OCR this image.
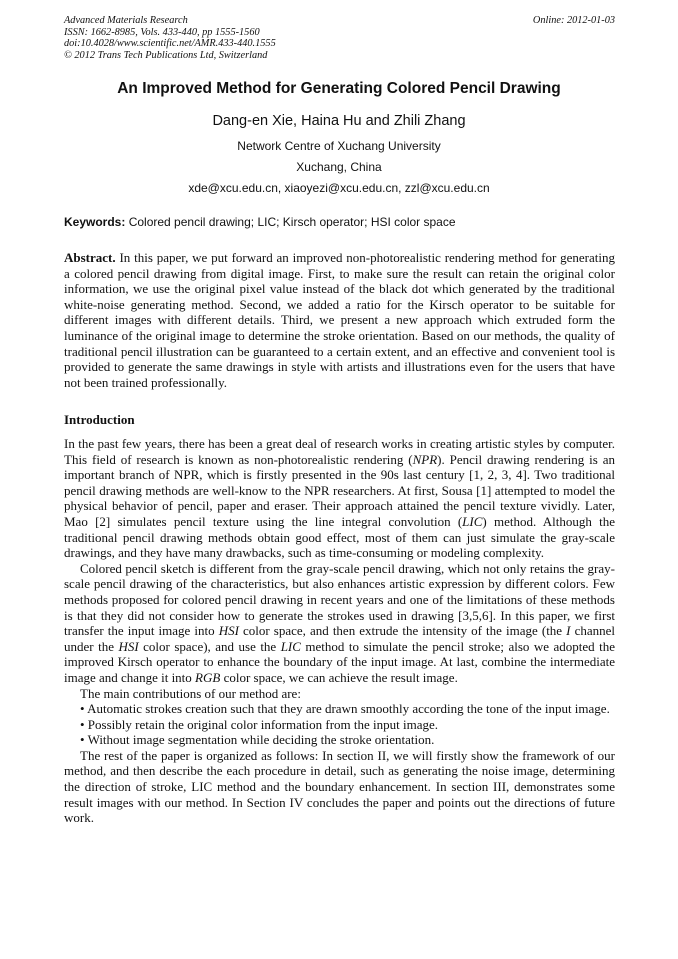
Advanced Materials Research
ISSN: 1662-8985, Vols. 433-440, pp 1555-1560
doi:10.4028/www.scientific.net/AMR.433-440.1555
© 2012 Trans Tech Publications Ltd, Switzerland
Online: 2012-01-03
An Improved Method for Generating Colored Pencil Drawing
Dang-en Xie, Haina Hu and Zhili Zhang
Network Centre of Xuchang University
Xuchang, China
xde@xcu.edu.cn, xiaoyezi@xcu.edu.cn, zzl@xcu.edu.cn
Keywords: Colored pencil drawing; LIC; Kirsch operator; HSI color space

Abstract. In this paper, we put forward an improved non-photorealistic rendering method for generating a colored pencil drawing from digital image. First, to make sure the result can retain the original color information, we use the original pixel value instead of the black dot which generated by the traditional white-noise generating method. Second, we added a ratio for the Kirsch operator to be suitable for different images with different details. Third, we present a new approach which extruded form the luminance of the original image to determine the stroke orientation. Based on our methods, the quality of traditional pencil illustration can be guaranteed to a certain extent, and an effective and convenient tool is provided to generate the same drawings in style with artists and illustrations even for the users that have not been trained professionally.

Introduction

In the past few years, there has been a great deal of research works in creating artistic styles by computer. This field of research is known as non-photorealistic rendering (NPR). Pencil drawing rendering is an important branch of NPR, which is firstly presented in the 90s last century [1, 2, 3, 4]. Two traditional pencil drawing methods are well-know to the NPR researchers. At first, Sousa [1] attempted to model the physical behavior of pencil, paper and eraser. Their approach attained the pencil texture vividly. Later, Mao [2] simulates pencil texture using the line integral convolution (LIC) method. Although the traditional pencil drawing methods obtain good effect, most of them can just simulate the gray-scale drawings, and they have many drawbacks, such as time-consuming or modeling complexity.

Colored pencil sketch is different from the gray-scale pencil drawing, which not only retains the gray-scale pencil drawing of the characteristics, but also enhances artistic expression by different colors. Few methods proposed for colored pencil drawing in recent years and one of the limitations of these methods is that they did not consider how to generate the strokes used in drawing [3,5,6]. In this paper, we first transfer the input image into HSI color space, and then extrude the intensity of the image (the I channel under the HSI color space), and use the LIC method to simulate the pencil stroke; also we adopted the improved Kirsch operator to enhance the boundary of the input image. At last, combine the intermediate image and change it into RGB color space, we can achieve the result image.

The main contributions of our method are:

• Automatic strokes creation such that they are drawn smoothly according the tone of the input image.

• Possibly retain the original color information from the input image.

• Without image segmentation while deciding the stroke orientation.

The rest of the paper is organized as follows: In section II, we will firstly show the framework of our method, and then describe the each procedure in detail, such as generating the noise image, determining the direction of stroke, LIC method and the boundary enhancement. In section III, demonstrates some result images with our method. In Section IV concludes the paper and points out the directions of future work.
